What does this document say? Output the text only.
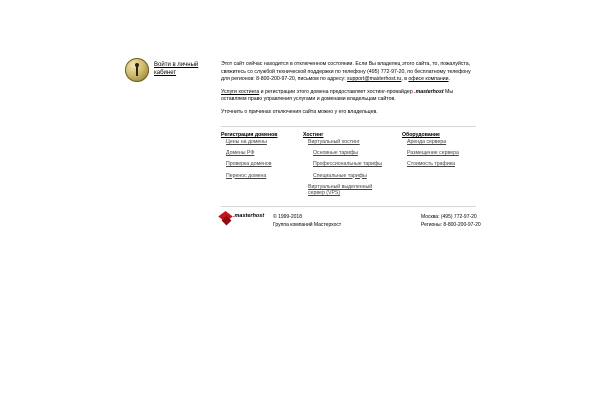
Войти в личный
кабинет

Этот сайт сейчас находится в отключенном состоянии. Если Вы владелец этого сайта, то, пожалуйста, свяжитесь со службой технической поддержки по телефону (495) 772-97-20, по бесплатному телефону для регионов: 8-800-200-97-20, письмом по адресу: support@masterhost.ru, в офисе компании.

Услуги хостинга и регистрации этого домена предоставляет хостинг-провайдер .masterhost Мы оставляем право управления услугами и доменами владельцам сайтов.

Уточнить о причинах отключения сайта можно у его владельцев.

Регистрация доменов
Цены на домены
Домены РФ
Проверка доменов
Перенос домена
Хостинг
Виртуальный хостинг
Основные тарифы
Профессиональные тарифы
Специальные тарифы
Виртуальный выделенный сервер (VPS)
Оборудование
Аренда сервера
Размещение сервера
Стоимость трафика
.masterhost © 1999-2018
Группа компаний Мастерхост
Москва: (495) 772-97-20
Регионы: 8-800-200-97-20
